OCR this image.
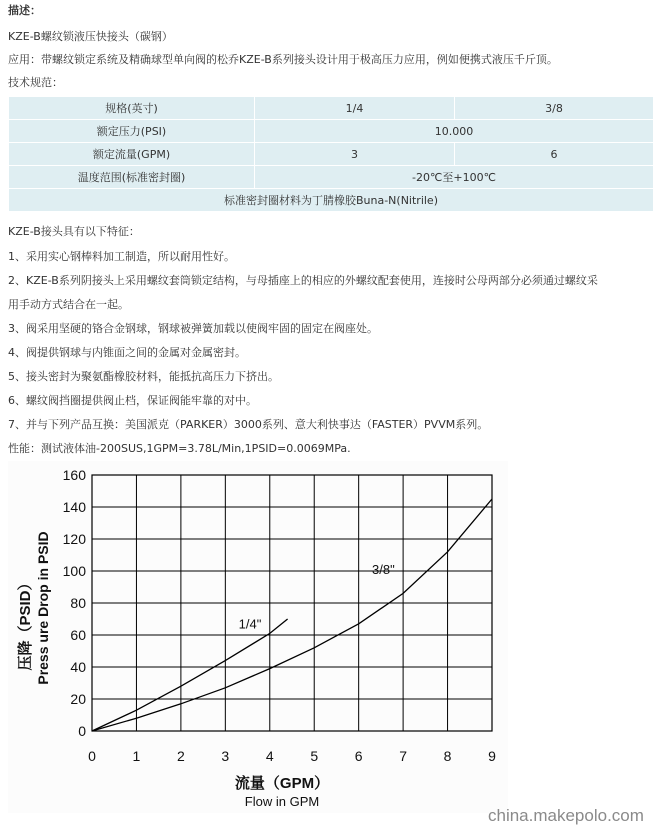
描述：
KZE-B螺纹锁液压快接头（碳钢）
应用：带螺纹锁定系统及精确球型单向阀的松乔KZE-B系列接头设计用于极高压力应用，例如便携式液压千斤顶。
技术规范：
规格(英寸)	1/4	3/8
额定压力(PSI)	10.000	
额定流量(GPM)	3	6
温度范围(标准密封圈)	-20℃至+100℃	
标准密封圈材料为丁腈橡胶Buna-N(Nitrile)		
KZE-B接头具有以下特征：
1、采用实心钢棒料加工制造，所以耐用性好。
2、KZE-B系列阴接头上采用螺纹套筒锁定结构，与母插座上的相应的外螺纹配套使用，连接时公母两部分必须通过螺纹采
用手动方式结合在一起。
3、阀采用坚硬的铬合金钢球，钢球被弹簧加载以使阀牢固的固定在阀座处。
4、阀提供钢球与内锥面之间的金属对金属密封。
5、接头密封为聚氨酯橡胶材料，能抵抗高压力下挤出。
6、螺纹阀挡圈提供阀止档，保证阀能牢靠的对中。
7、并与下列产品互换：美国派克（PARKER）3000系列、意大利快事达（FASTER）PVVM系列。
性能：测试液体油-200SUS,1GPM=3.78L/Min,1PSID=0.0069MPa.
0	1	2	3	4	5	6	7	8	9
0
20
40
60
80
100
120
140
160
1/4"
3/8"
流量（GPM）
Flow in GPM
压降（PSID） Press ure Drop in PSID
china.makepolo.com
